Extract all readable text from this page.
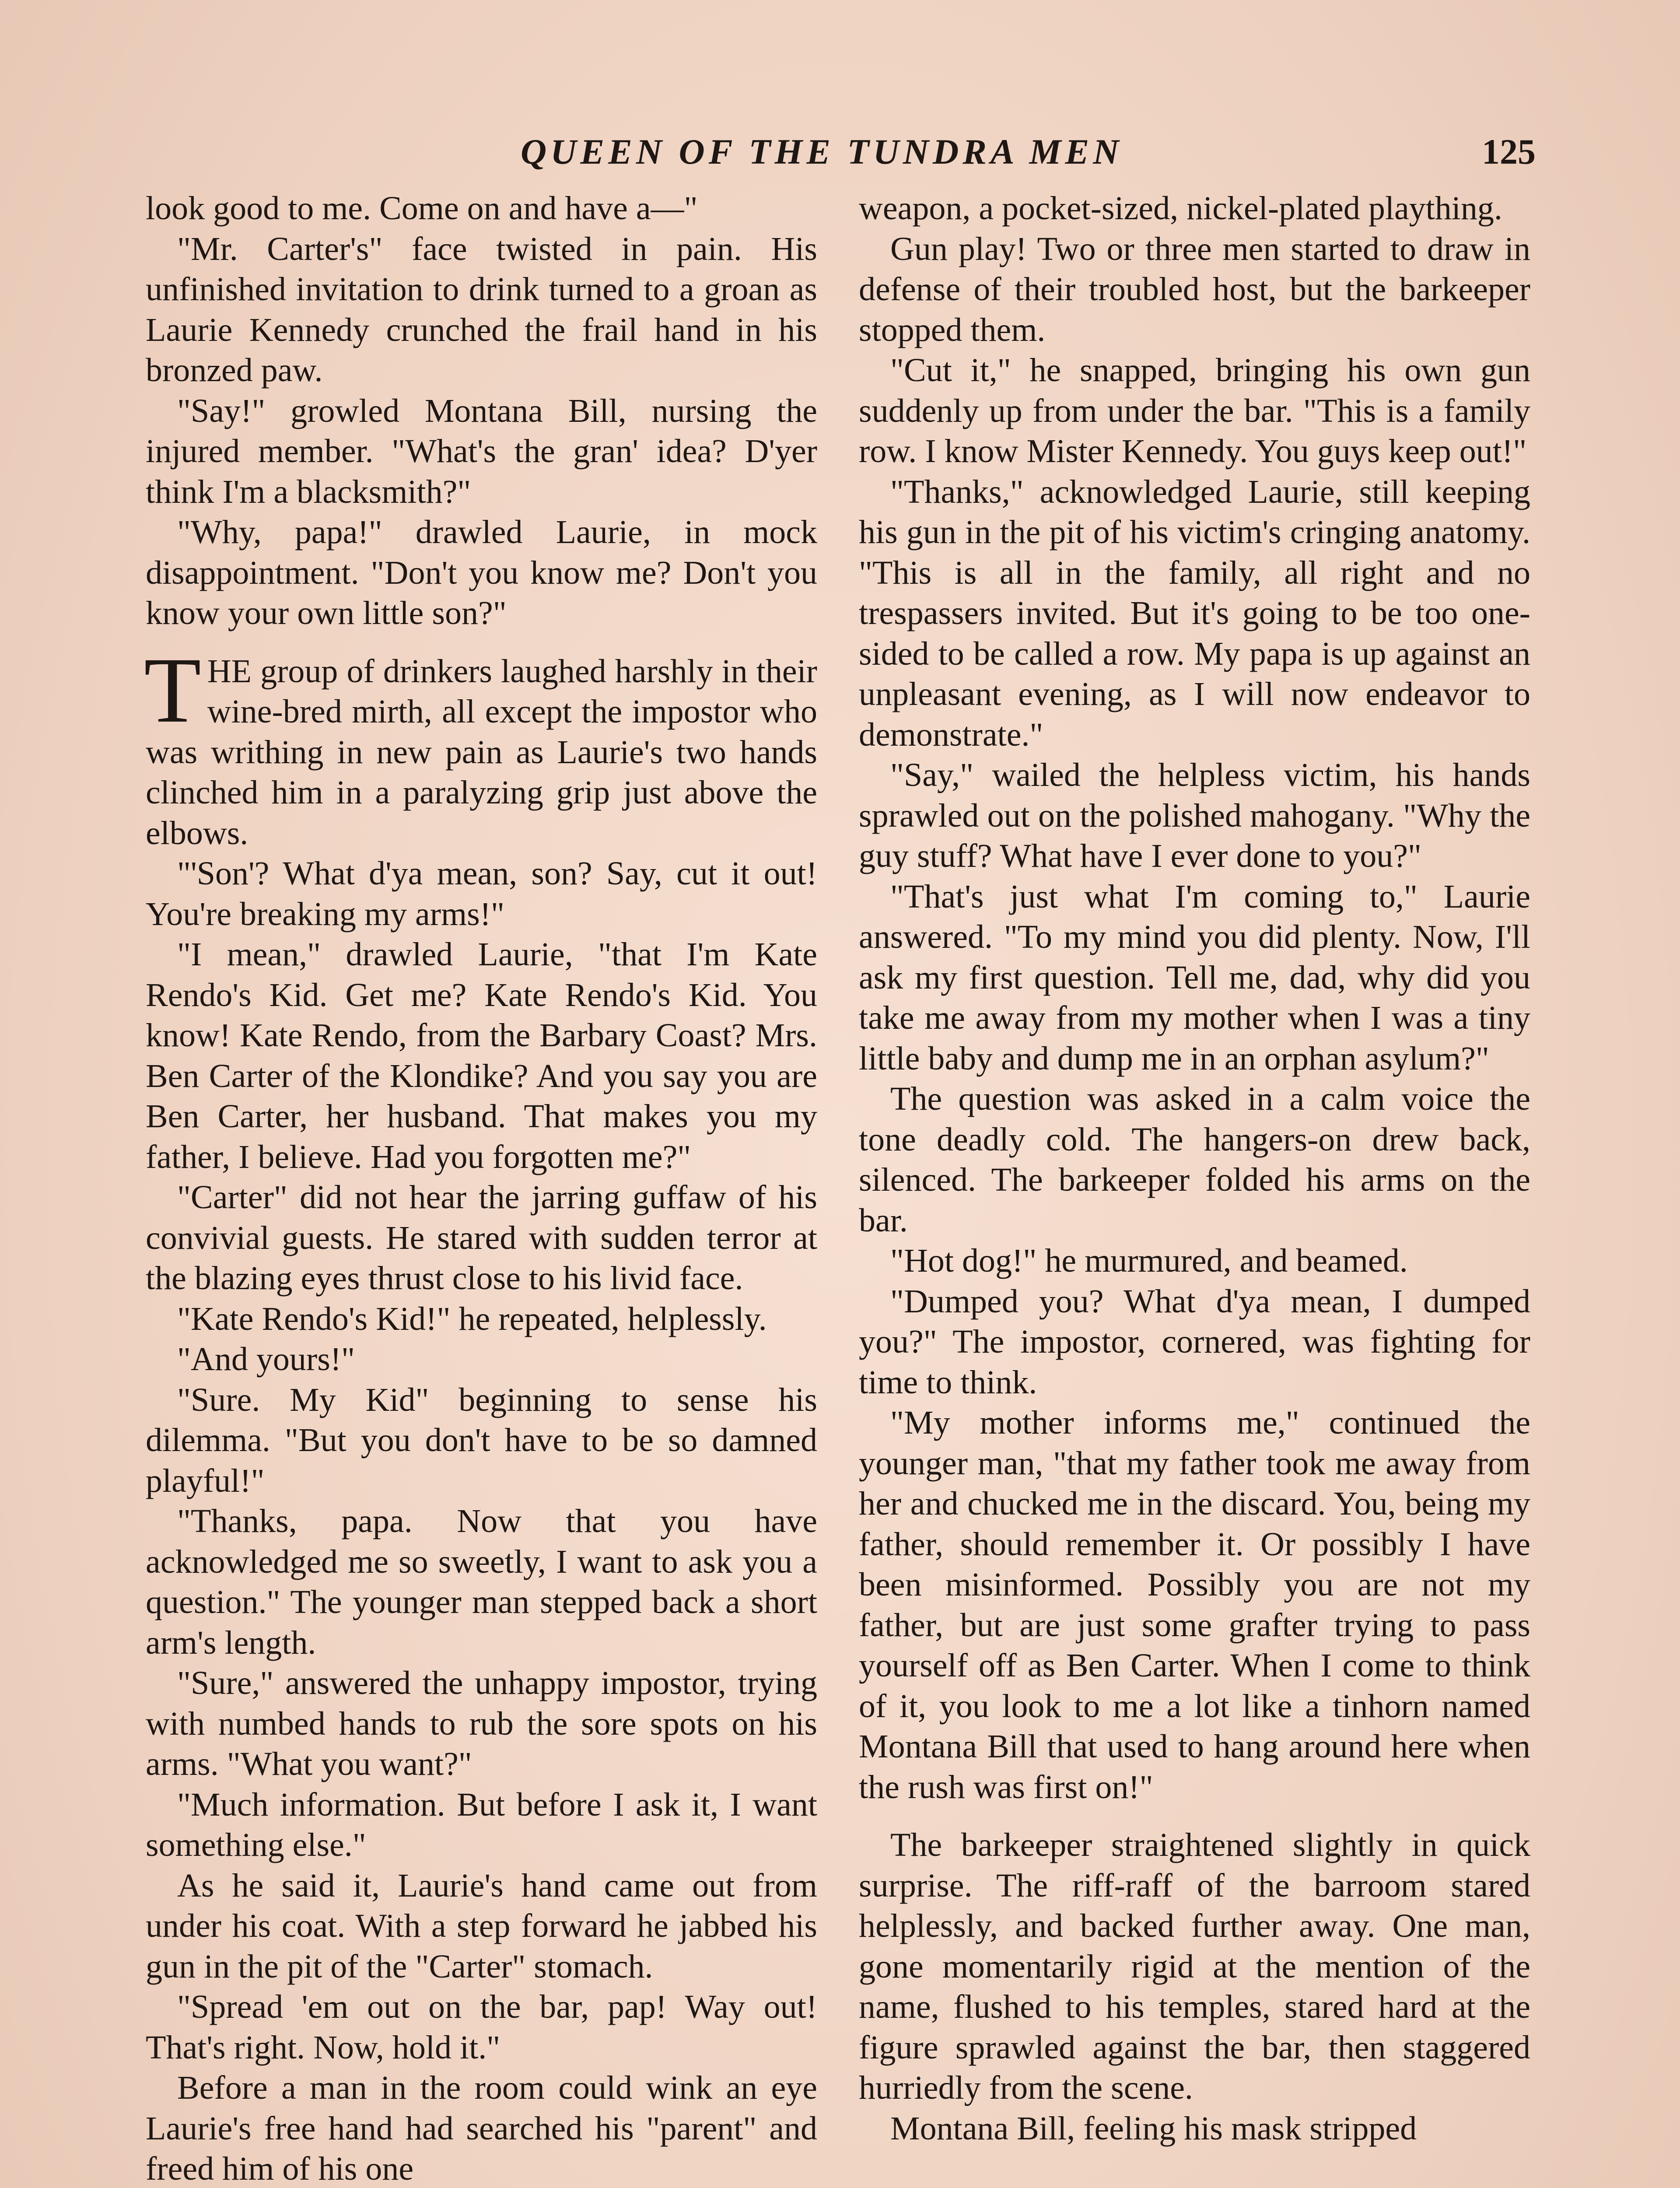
QUEEN OF THE TUNDRA MEN	125

look good to me. Come on and have a—"

"Mr. Carter's" face twisted in pain. His unfinished invitation to drink turned to a groan as Laurie Kennedy crunched the frail hand in his bronzed paw.

"Say!" growled Montana Bill, nursing the injured member. "What's the gran' idea? D'yer think I'm a blacksmith?"

"Why, papa!" drawled Laurie, in mock disappointment. "Don't you know me? Don't you know your own little son?"

THE group of drinkers laughed harshly in their wine-bred mirth, all except the impostor who was writhing in new pain as Laurie's two hands clinched him in a paralyzing grip just above the elbows.

"'Son'? What d'ya mean, son? Say, cut it out! You're breaking my arms!"

"I mean," drawled Laurie, "that I'm Kate Rendo's Kid. Get me? Kate Rendo's Kid. You know! Kate Rendo, from the Barbary Coast? Mrs. Ben Carter of the Klondike? And you say you are Ben Carter, her husband. That makes you my father, I believe. Had you forgotten me?"

"Carter" did not hear the jarring guffaw of his convivial guests. He stared with sudden terror at the blazing eyes thrust close to his livid face.

"Kate Rendo's Kid!" he repeated, helplessly.

"And yours!"

"Sure. My Kid" beginning to sense his dilemma. "But you don't have to be so damned playful!"

"Thanks, papa. Now that you have acknowledged me so sweetly, I want to ask you a question." The younger man stepped back a short arm's length.

"Sure," answered the unhappy impostor, trying with numbed hands to rub the sore spots on his arms. "What you want?"

"Much information. But before I ask it, I want something else."

As he said it, Laurie's hand came out from under his coat. With a step forward he jabbed his gun in the pit of the "Carter" stomach.

"Spread 'em out on the bar, pap! Way out! That's right. Now, hold it."

Before a man in the room could wink an eye Laurie's free hand had searched his "parent" and freed him of his one

weapon, a pocket-sized, nickel-plated plaything.

Gun play! Two or three men started to draw in defense of their troubled host, but the barkeeper stopped them.

"Cut it," he snapped, bringing his own gun suddenly up from under the bar. "This is a family row. I know Mister Kennedy. You guys keep out!"

"Thanks," acknowledged Laurie, still keeping his gun in the pit of his victim's cringing anatomy. "This is all in the family, all right and no trespassers invited. But it's going to be too one-sided to be called a row. My papa is up against an unpleasant evening, as I will now endeavor to demonstrate."

"Say," wailed the helpless victim, his hands sprawled out on the polished mahogany. "Why the guy stuff? What have I ever done to you?"

"That's just what I'm coming to," Laurie answered. "To my mind you did plenty. Now, I'll ask my first question. Tell me, dad, why did you take me away from my mother when I was a tiny little baby and dump me in an orphan asylum?"

The question was asked in a calm voice the tone deadly cold. The hangers-on drew back, silenced. The barkeeper folded his arms on the bar.

"Hot dog!" he murmured, and beamed.

"Dumped you? What d'ya mean, I dumped you?" The impostor, cornered, was fighting for time to think.

"My mother informs me," continued the younger man, "that my father took me away from her and chucked me in the discard. You, being my father, should remember it. Or possibly I have been misinformed. Possibly you are not my father, but are just some grafter trying to pass yourself off as Ben Carter. When I come to think of it, you look to me a lot like a tinhorn named Montana Bill that used to hang around here when the rush was first on!"

The barkeeper straightened slightly in quick surprise. The riff-raff of the barroom stared helplessly, and backed further away. One man, gone momentarily rigid at the mention of the name, flushed to his temples, stared hard at the figure sprawled against the bar, then staggered hurriedly from the scene.

Montana Bill, feeling his mask stripped
